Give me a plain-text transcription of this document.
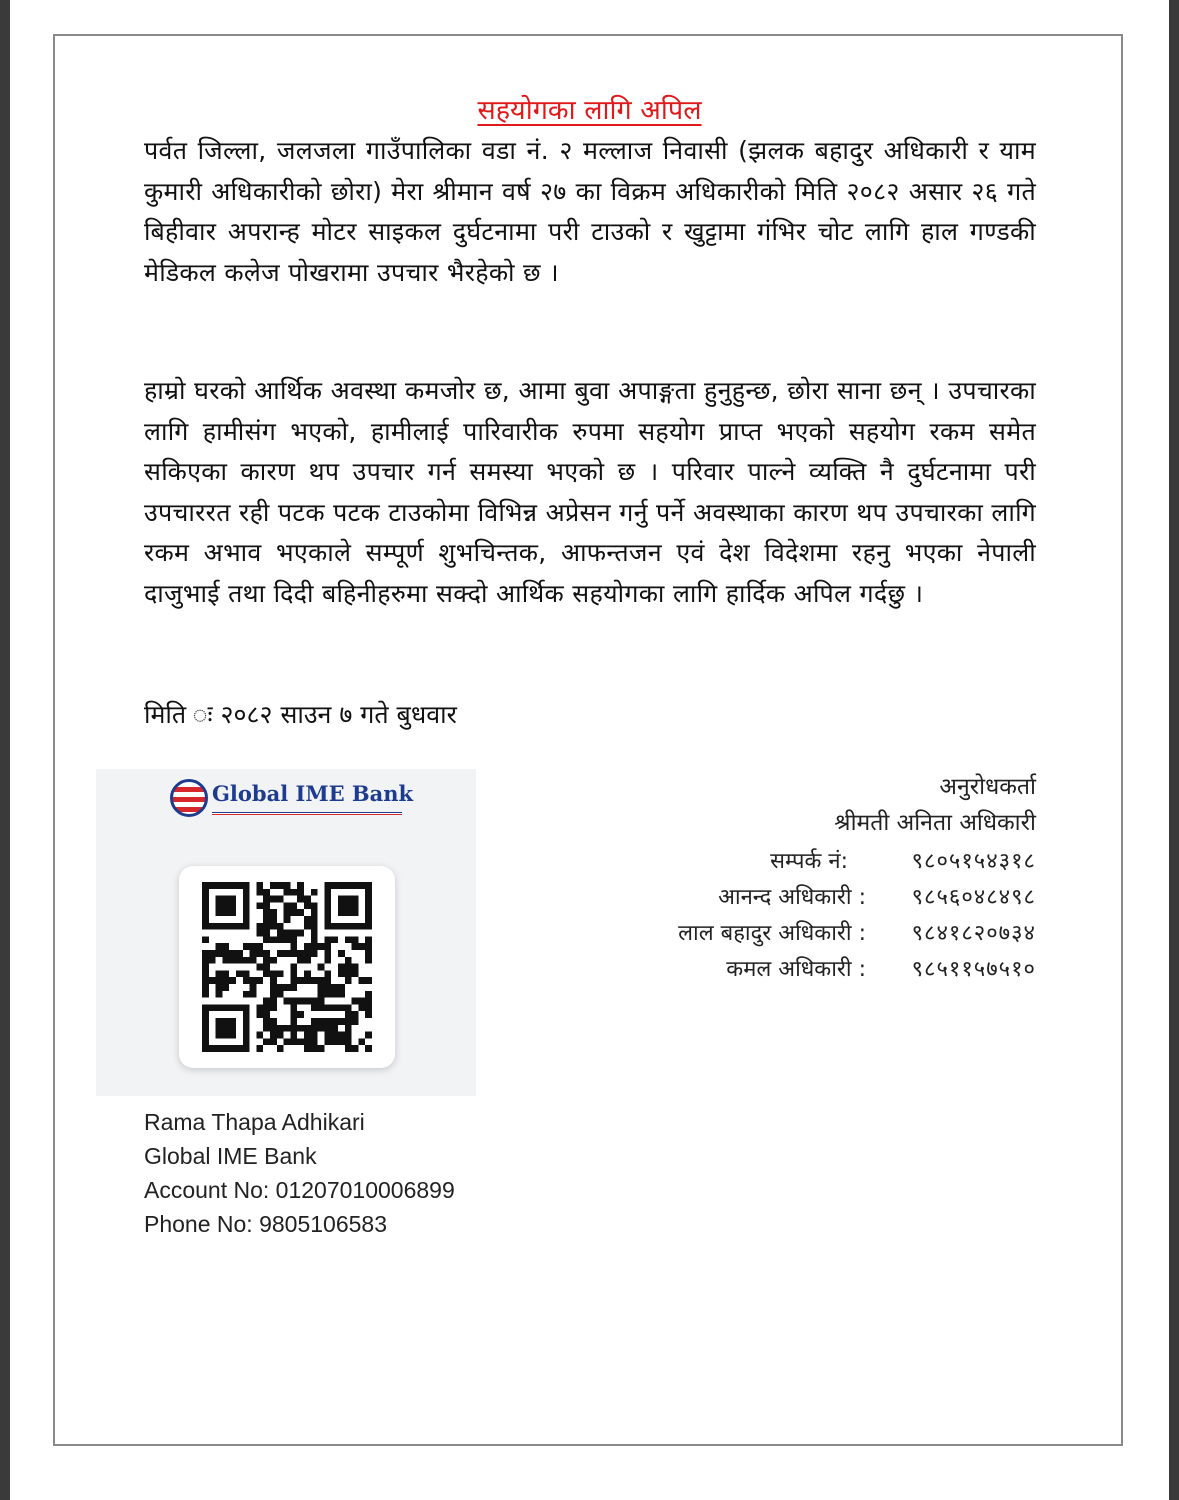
सहयोगका लागि अपिल

पर्वत जिल्ला, जलजला गाउँपालिका वडा नं. २ मल्लाज निवासी (झलक बहादुर अधिकारी र याम कुमारी अधिकारीको छोरा) मेरा श्रीमान वर्ष २७ का विक्रम अधिकारीको मिति २०८२ असार २६ गते बिहीवार अपरान्ह मोटर साइकल दुर्घटनामा परी टाउको र खुट्टामा गंभिर चोट लागि हाल गण्डकी मेडिकल कलेज पोखरामा उपचार भैरहेको छ ।

हाम्रो घरको आर्थिक अवस्था कमजोर छ, आमा बुवा अपाङ्गता हुनुहुन्छ, छोरा साना छन् । उपचारका लागि हामीसंग भएको, हामीलाई पारिवारीक रुपमा सहयोग प्राप्त भएको सहयोग रकम समेत सकिएका कारण थप उपचार गर्न समस्या भएको छ । परिवार पाल्ने व्यक्ति नै दुर्घटनामा परी उपचाररत रही पटक पटक टाउकोमा विभिन्न अप्रेसन गर्नु पर्ने अवस्थाका कारण थप उपचारका लागि रकम अभाव भएकाले सम्पूर्ण शुभचिन्तक, आफन्तजन एवं देश विदेशमा रहनु भएका नेपाली दाजुभाई तथा दिदी बहिनीहरुमा सक्दो आर्थिक सहयोगका लागि हार्दिक अपिल गर्दछु ।

मिति ः २०८२ साउन ७ गते बुधवार
Global IME Bank
Rama Thapa Adhikari
Global IME Bank
Account No: 01207010006899
Phone No: 9805106583
अनुरोधकर्ता
श्रीमती अनिता अधिकारी
सम्पर्क नं:	९८०५१५४३१८
आनन्द अधिकारी :	९८५६०४८४९८
लाल बहादुर अधिकारी :	९८४१८२०७३४
कमल अधिकारी :	९८५११५७५१०
